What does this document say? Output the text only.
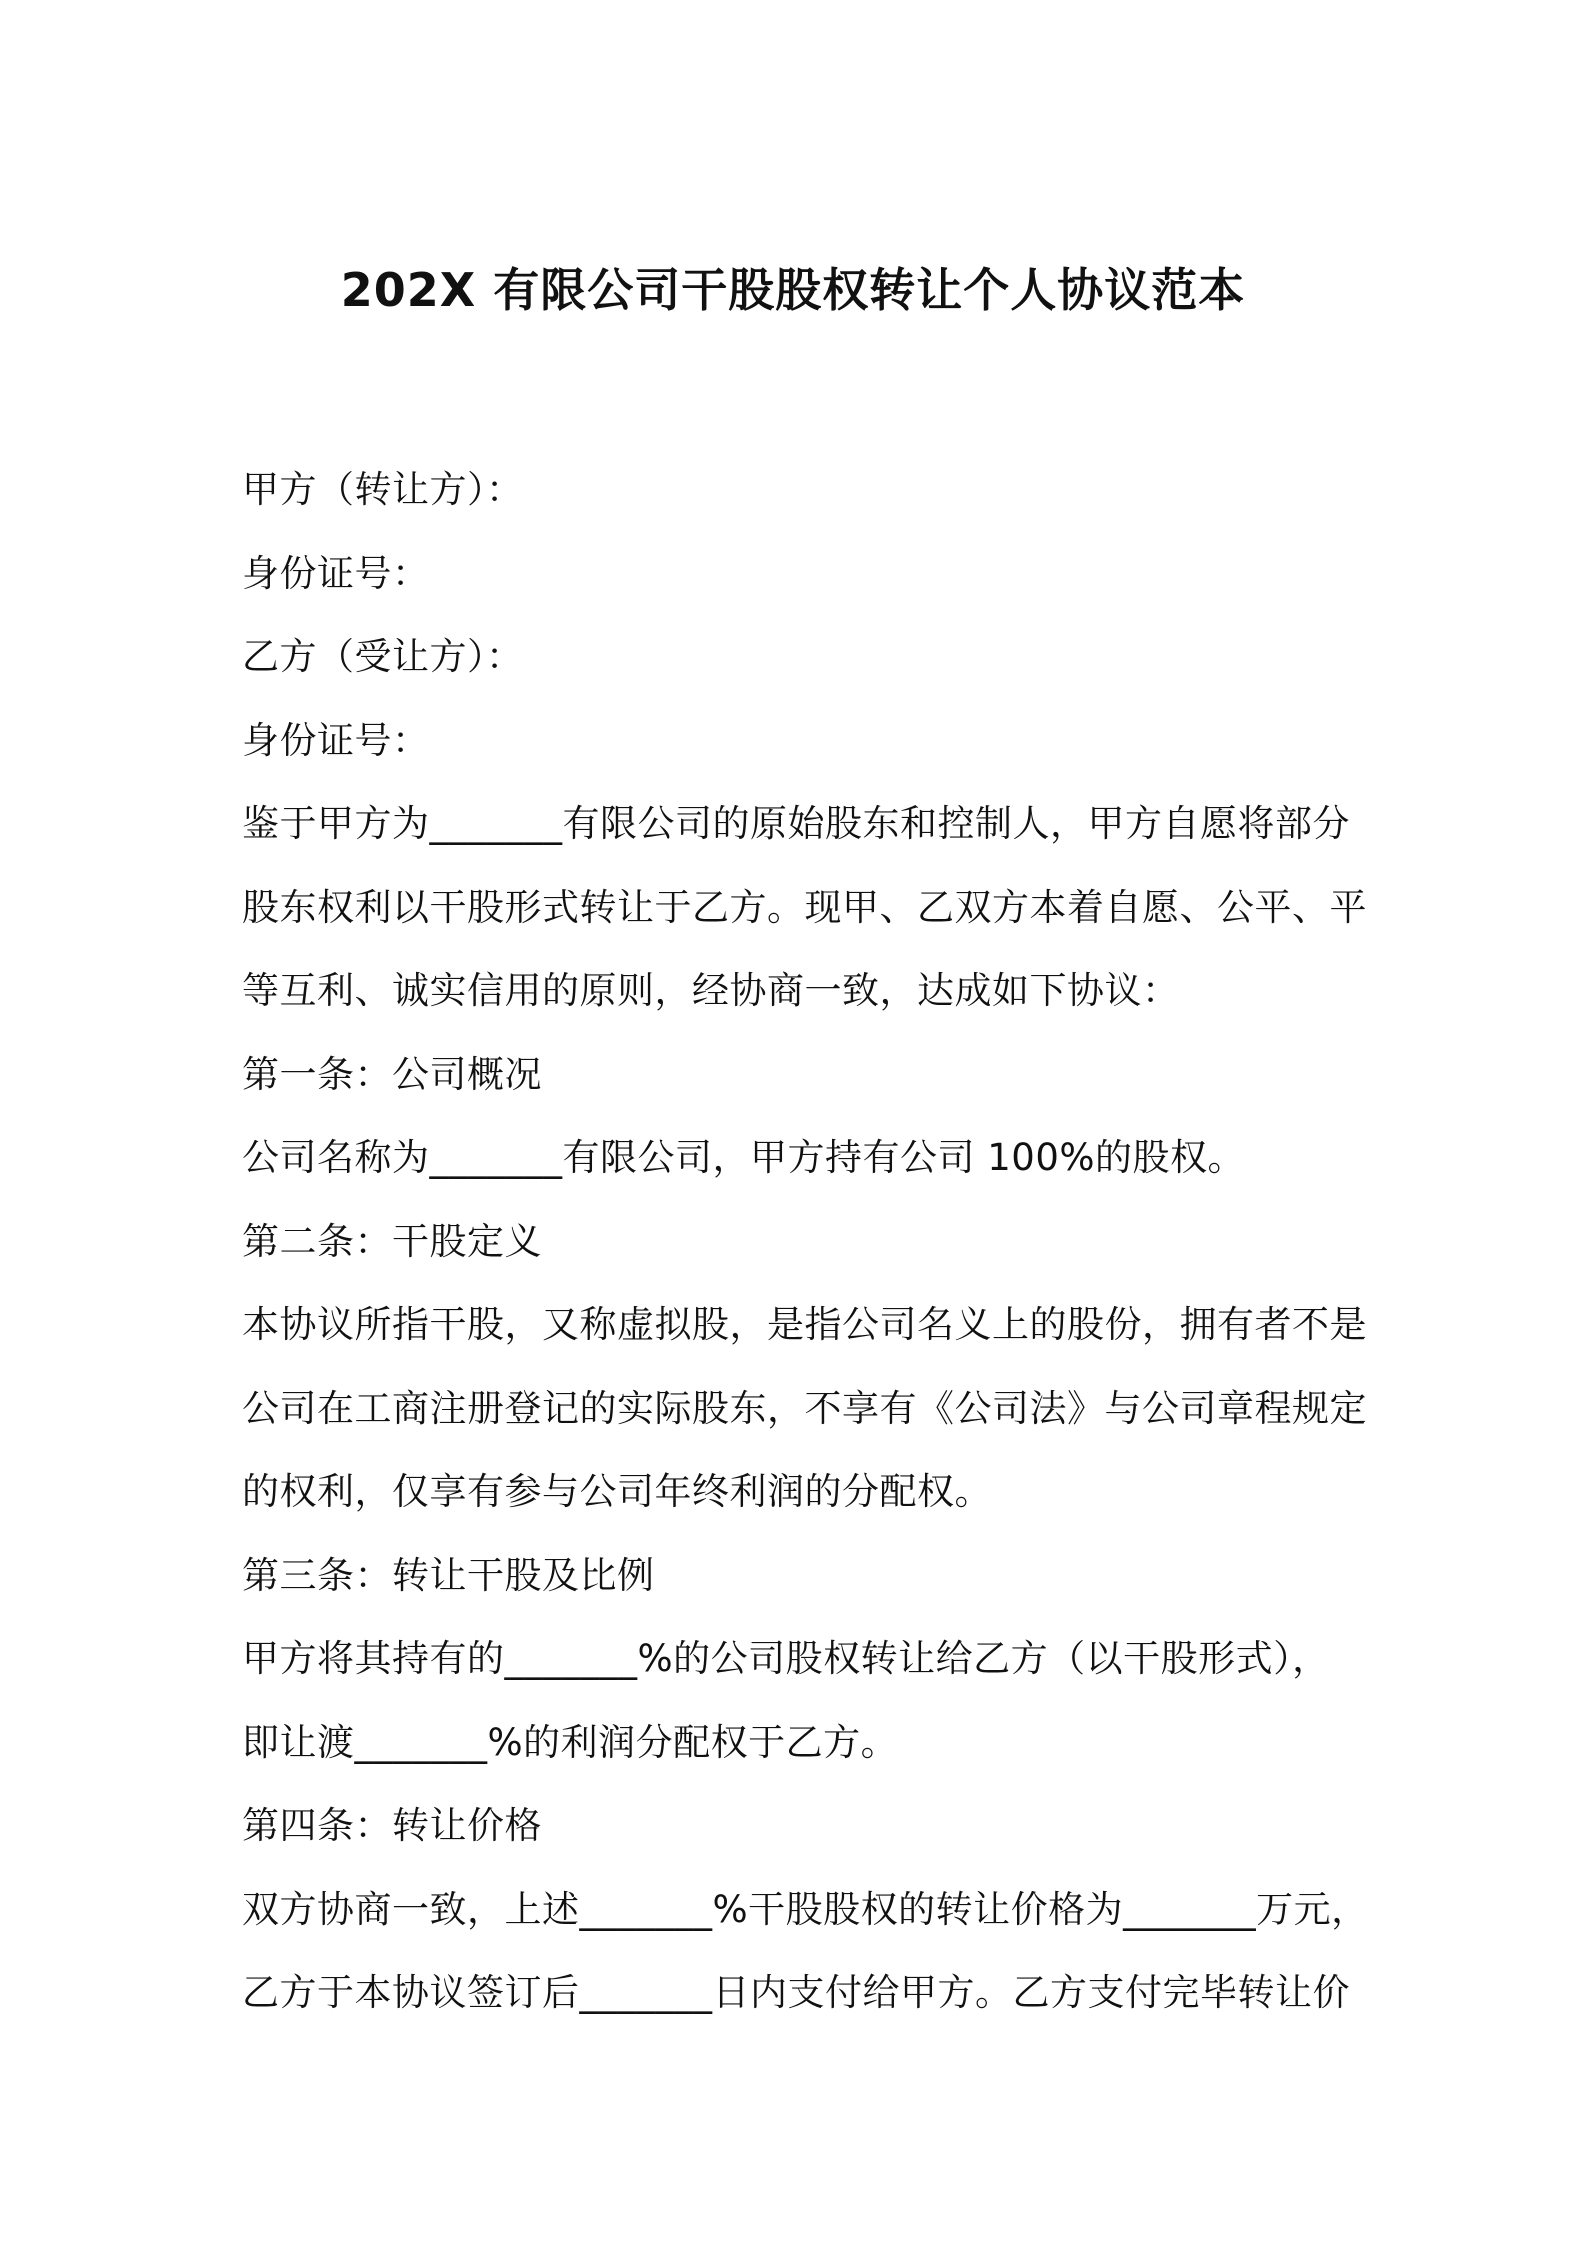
202X 有限公司干股股权转让个人协议范本
甲方（转让方）：
身份证号：
乙方（受让方）：
身份证号：
鉴于甲方为_______有限公司的原始股东和控制人，甲方自愿将部分
股东权利以干股形式转让于乙方。现甲、乙双方本着自愿、公平、平
等互利、诚实信用的原则，经协商一致，达成如下协议：
第一条：公司概况
公司名称为_______有限公司，甲方持有公司 100%的股权。
第二条：干股定义
本协议所指干股，又称虚拟股，是指公司名义上的股份，拥有者不是
公司在工商注册登记的实际股东，不享有《公司法》与公司章程规定
的权利，仅享有参与公司年终利润的分配权。
第三条：转让干股及比例
甲方将其持有的_______%的公司股权转让给乙方（以干股形式），
即让渡_______%的利润分配权于乙方。
第四条：转让价格
双方协商一致，上述_______%干股股权的转让价格为_______万元，
乙方于本协议签订后_______日内支付给甲方。乙方支付完毕转让价
